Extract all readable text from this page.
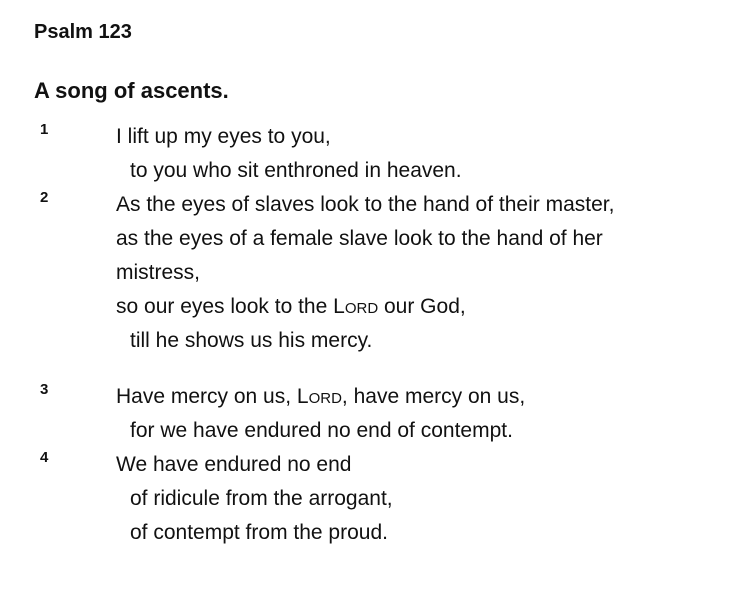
Psalm 123
A song of ascents.
1	I lift up my eyes to you,
to you who sit enthroned in heaven.
2	As the eyes of slaves look to the hand of their master,
as the eyes of a female slave look to the hand of her mistress,
so our eyes look to the Lord our God,
till he shows us his mercy.
3	Have mercy on us, Lord, have mercy on us,
for we have endured no end of contempt.
4	We have endured no end
of ridicule from the arrogant,
of contempt from the proud.
